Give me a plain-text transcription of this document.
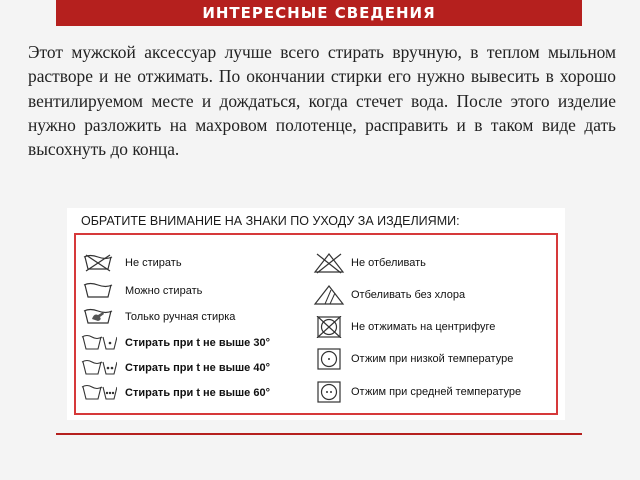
ИНТЕРЕСНЫЕ СВЕДЕНИЯ
Этот мужской аксессуар лучше всего стирать вручную, в теплом мыльном растворе и не отжимать. По окончании стирки его нужно вывесить в хорошо вентилируемом месте и дождаться, когда стечет вода. После этого изделие нужно разложить на махровом полотенце, расправить и в таком виде дать высохнуть до конца.
ОБРАТИТЕ ВНИМАНИЕ НА ЗНАКИ ПО УХОДУ ЗА ИЗДЕЛИЯМИ:
Не стирать
Можно стирать
Только ручная стирка
Стирать при t не выше 30°
Стирать при t не выше 40°
Стирать при t не выше 60°
Не отбеливать
Отбеливать без хлора
Не отжимать на центрифуге
Отжим при низкой температуре
Отжим при средней температуре
